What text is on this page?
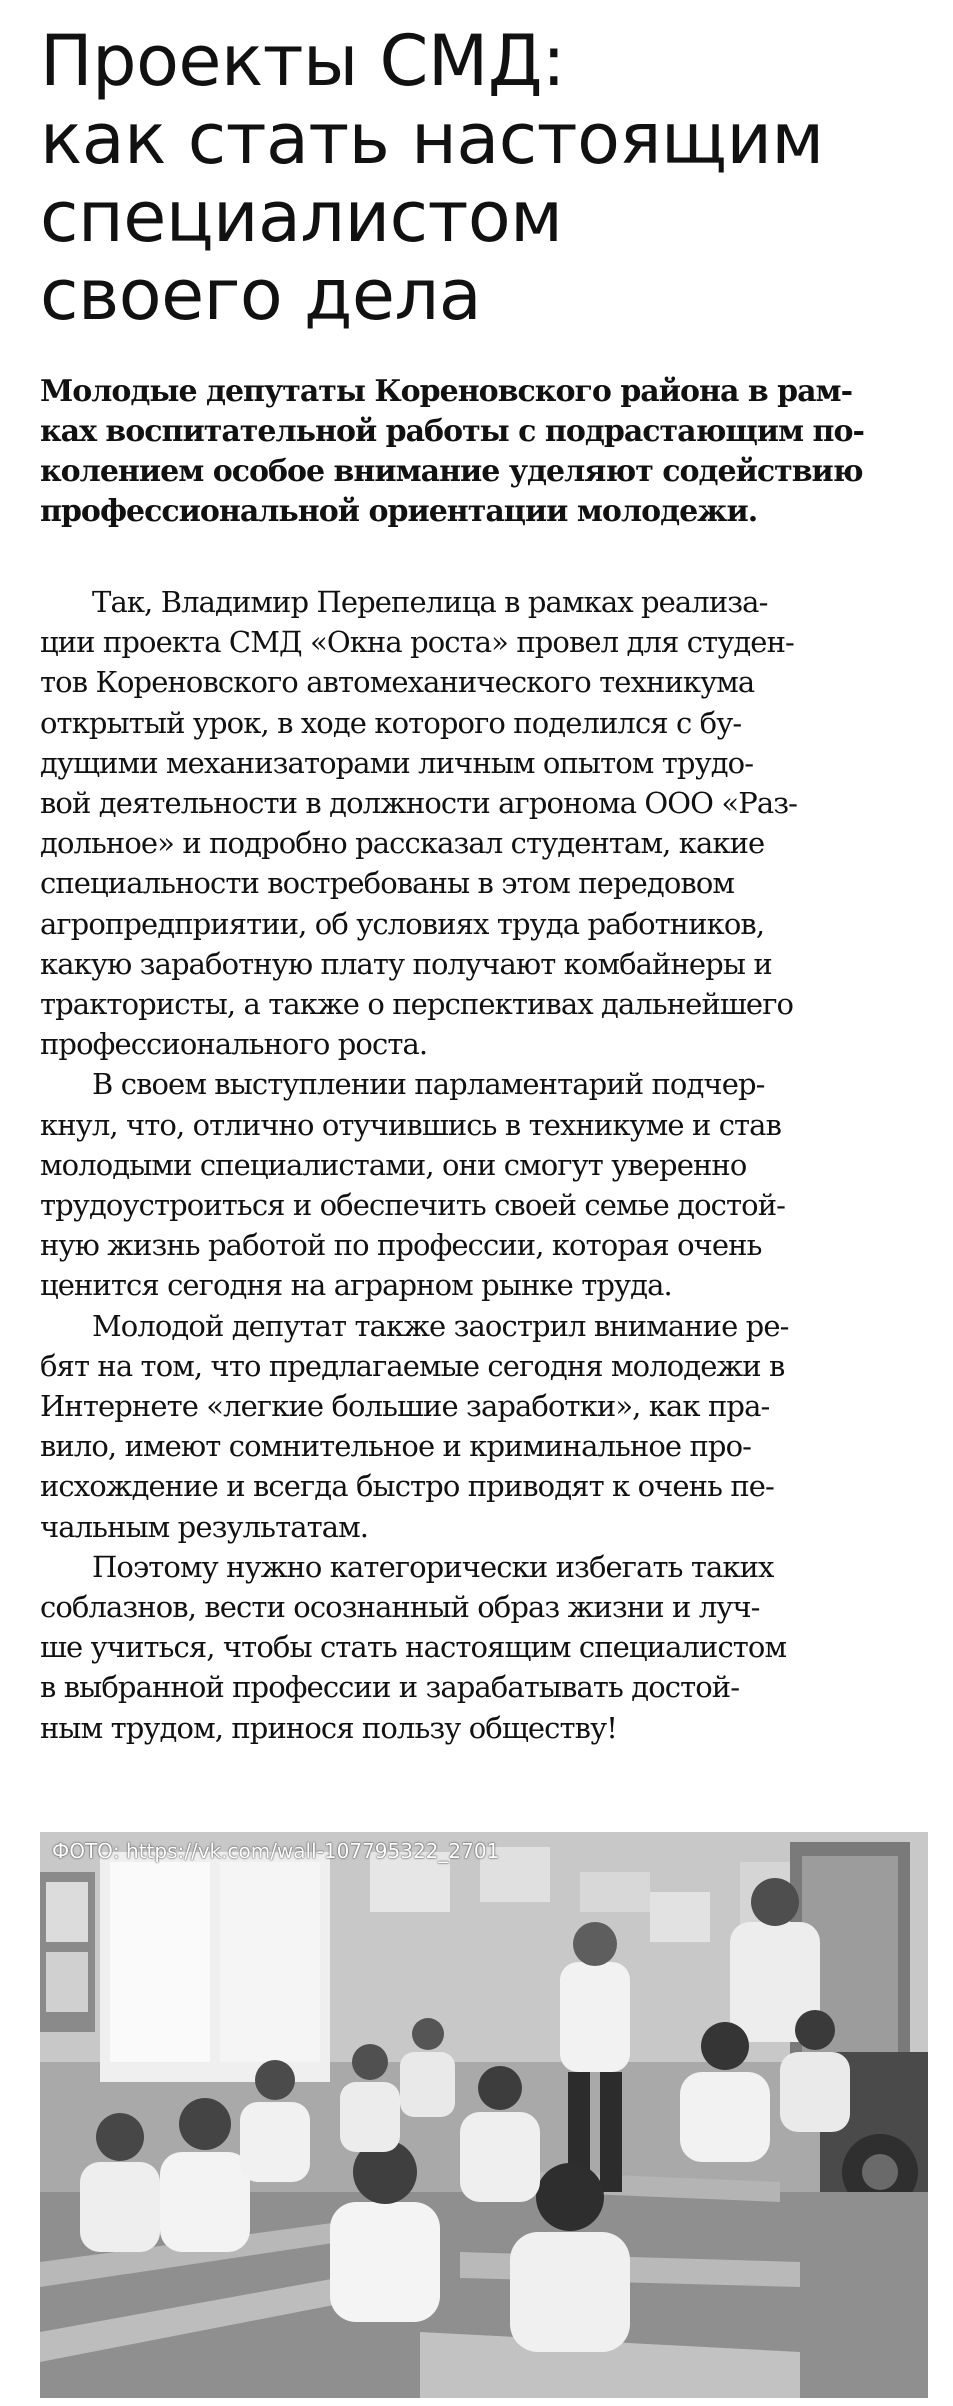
Проекты СМД:
как стать настоящим
специалистом
своего дела

Молодые депутаты Кореновского района в рам-
ках воспитательной работы с подрастающим по-
колением особое внимание уделяют содействию
профессиональной ориентации молодежи.

Так, Владимир Перепелица в рамках реализа-
ции проекта СМД «Окна роста» провел для студен-
тов Кореновского автомеханического техникума
открытый урок, в ходе которого поделился с бу-
дущими механизаторами личным опытом трудо-
вой деятельности в должности агронома ООО «Раз-
дольное» и подробно рассказал студентам, какие
специальности востребованы в этом передовом
агропредприятии, об условиях труда работников,
какую заработную плату получают комбайнеры и
трактористы, а также о перспективах дальнейшего
профессионального роста.

В своем выступлении парламентарий подчер-
кнул, что, отлично отучившись в техникуме и став
молодыми специалистами, они смогут уверенно
трудоустроиться и обеспечить своей семье достой-
ную жизнь работой по профессии, которая очень
ценится сегодня на аграрном рынке труда.

Молодой депутат также заострил внимание ре-
бят на том, что предлагаемые сегодня молодежи в
Интернете «легкие большие заработки», как пра-
вило, имеют сомнительное и криминальное про-
исхождение и всегда быстро приводят к очень пе-
чальным результатам.

Поэтому нужно категорически избегать таких
соблазнов, вести осознанный образ жизни и луч-
ше учиться, чтобы стать настоящим специалистом
в выбранной профессии и зарабатывать достой-
ным трудом, принося пользу обществу!

ФОТО: https://vk.com/wall-107795322_2701
